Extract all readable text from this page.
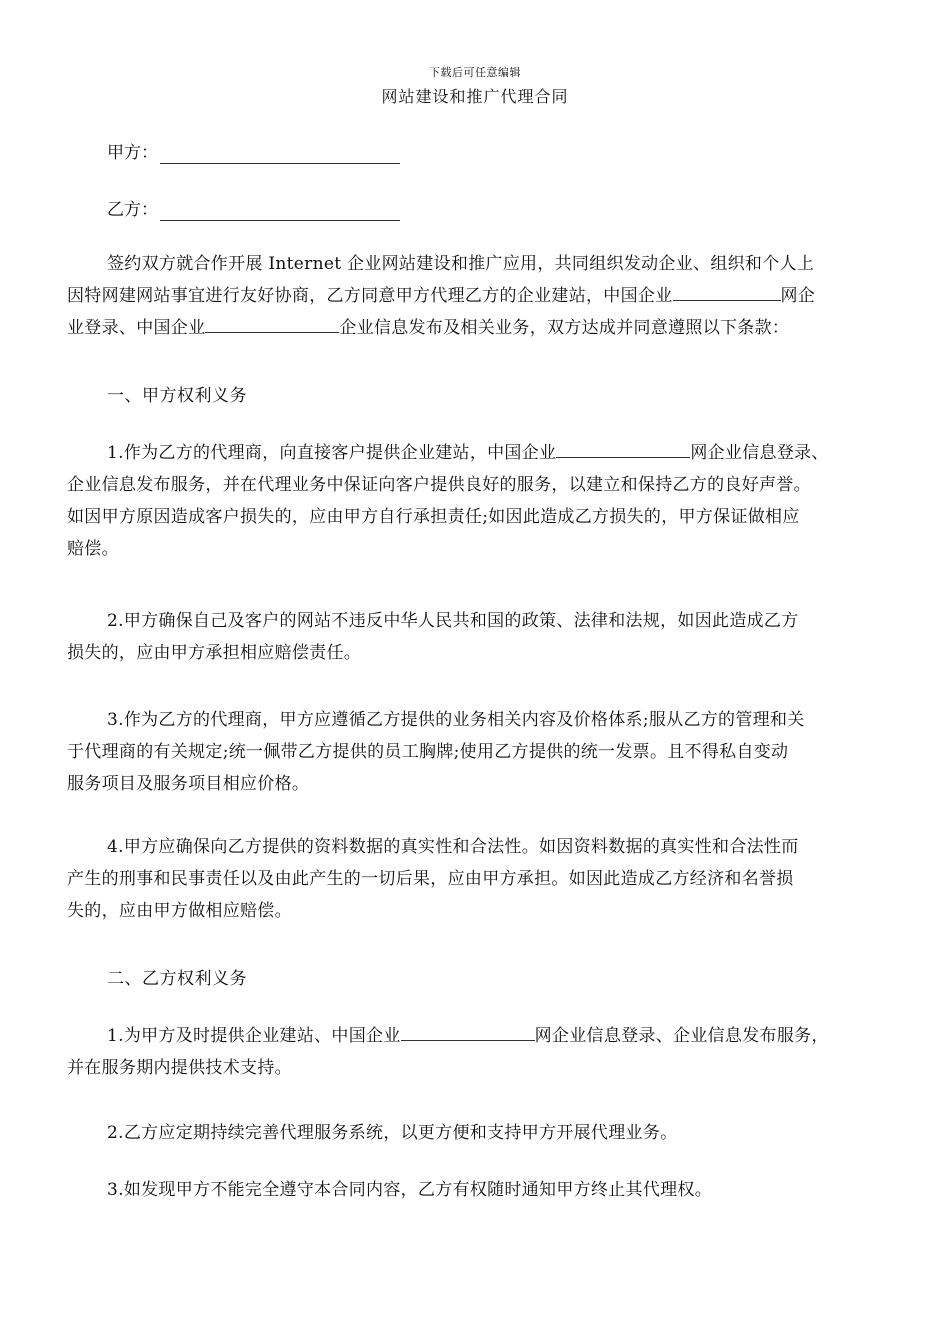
下载后可任意编辑
网站建设和推广代理合同
甲方：
乙方：
签约双方就合作开展 Internet 企业网站建设和推广应用，共同组织发动企业、组织和个人上
因特网建网站事宜进行友好协商，乙方同意甲方代理乙方的企业建站，中国企业	网企
业登录、中国企业	企业信息发布及相关业务，双方达成并同意遵照以下条款：
一、甲方权利义务
1.作为乙方的代理商，向直接客户提供企业建站，中国企业	网企业信息登录、
企业信息发布服务，并在代理业务中保证向客户提供良好的服务，以建立和保持乙方的良好声誉。
如因甲方原因造成客户损失的，应由甲方自行承担责任;如因此造成乙方损失的，甲方保证做相应
赔偿。
2.甲方确保自己及客户的网站不违反中华人民共和国的政策、法律和法规，如因此造成乙方
损失的，应由甲方承担相应赔偿责任。
3.作为乙方的代理商，甲方应遵循乙方提供的业务相关内容及价格体系;服从乙方的管理和关
于代理商的有关规定;统一佩带乙方提供的员工胸牌;使用乙方提供的统一发票。且不得私自变动
服务项目及服务项目相应价格。
4.甲方应确保向乙方提供的资料数据的真实性和合法性。如因资料数据的真实性和合法性而
产生的刑事和民事责任以及由此产生的一切后果，应由甲方承担。如因此造成乙方经济和名誉损
失的，应由甲方做相应赔偿。
二、乙方权利义务
1.为甲方及时提供企业建站、中国企业	网企业信息登录、企业信息发布服务，
并在服务期内提供技术支持。
2.乙方应定期持续完善代理服务系统，以更方便和支持甲方开展代理业务。
3.如发现甲方不能完全遵守本合同内容，乙方有权随时通知甲方终止其代理权。
